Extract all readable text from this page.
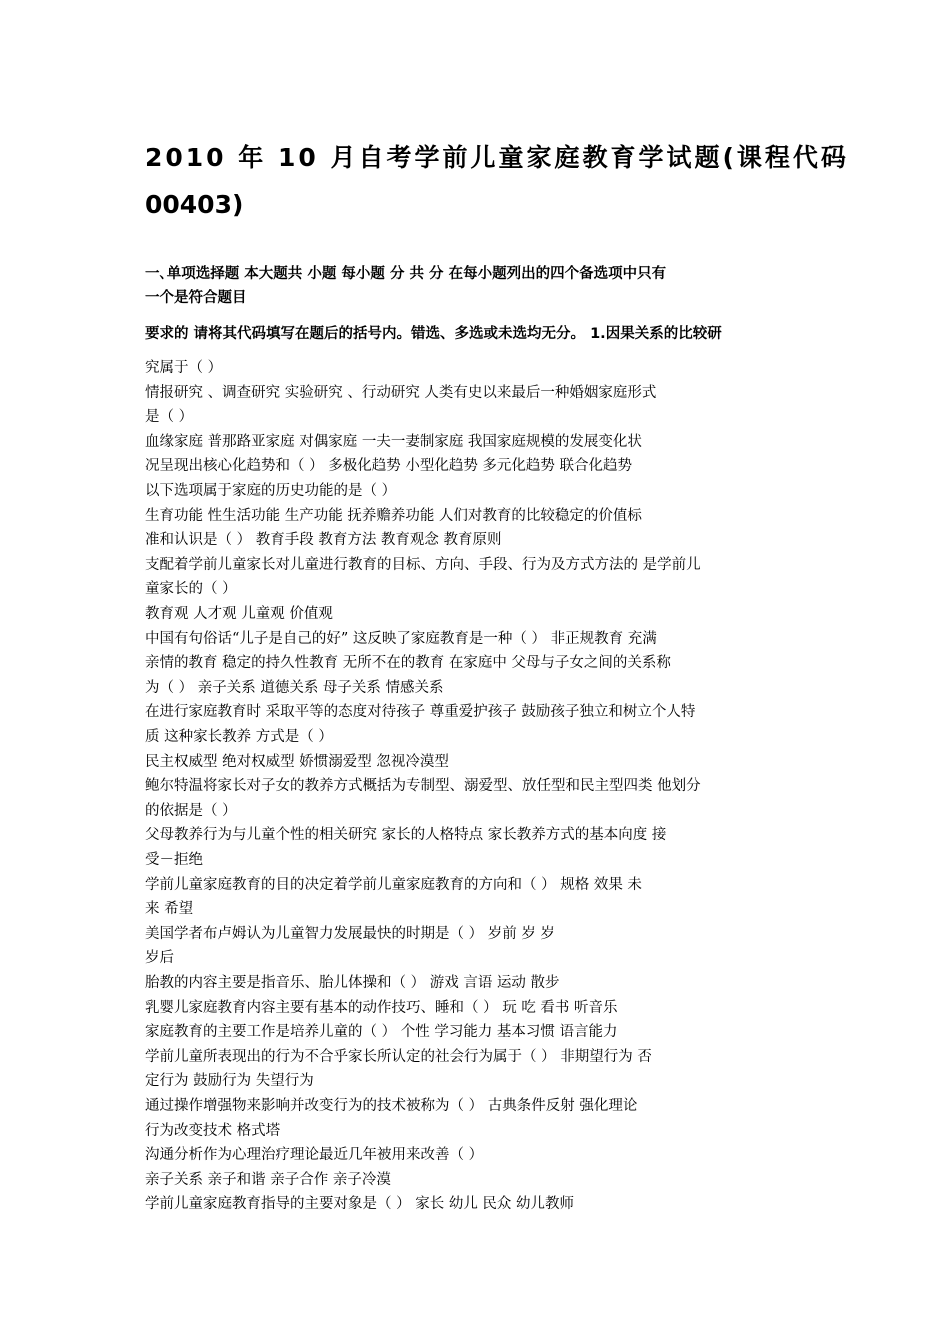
2010 年 10 月自考学前儿童家庭教育学试题(课程代码
00403)
一､单项选择题 本大题共 小题 每小题 分 共 分 在每小题列出的四个备选项中只有
一个是符合题目
要求的 请将其代码填写在题后的括号内。错选、多选或未选均无分。 1.因果关系的比较研
究属于（ ）
情报研究 、调查研究 实验研究 、行动研究 人类有史以来最后一种婚姻家庭形式
是（ ）
血缘家庭 普那路亚家庭 对偶家庭 一夫一妻制家庭 我国家庭规模的发展变化状
况呈现出核心化趋势和（ ） 多极化趋势 小型化趋势 多元化趋势 联合化趋势
以下选项属于家庭的历史功能的是（ ）
生育功能 性生活功能 生产功能 抚养赡养功能 人们对教育的比较稳定的价值标
准和认识是（ ） 教育手段 教育方法 教育观念 教育原则
支配着学前儿童家长对儿童进行教育的目标、方向、手段、行为及方式方法的 是学前儿
童家长的（ ）
教育观 人才观 儿童观 价值观
中国有句俗话“儿子是自己的好” 这反映了家庭教育是一种（ ） 非正规教育 充满
亲情的教育 稳定的持久性教育 无所不在的教育 在家庭中 父母与子女之间的关系称
为（ ） 亲子关系 道德关系 母子关系 情感关系
在进行家庭教育时 采取平等的态度对待孩子 尊重爱护孩子 鼓励孩子独立和树立个人特
质 这种家长教养 方式是（ ）
民主权威型 绝对权威型 娇惯溺爱型 忽视冷漠型
鲍尔特温将家长对子女的教养方式概括为专制型、溺爱型、放任型和民主型四类 他划分
的依据是（ ）
父母教养行为与儿童个性的相关研究 家长的人格特点 家长教养方式的基本向度 接
受－拒绝
学前儿童家庭教育的目的决定着学前儿童家庭教育的方向和（ ） 规格 效果 未
来 希望
美国学者布卢姆认为儿童智力发展最快的时期是（ ） 岁前 岁 岁
岁后
胎教的内容主要是指音乐、胎儿体操和（ ） 游戏 言语 运动 散步
乳婴儿家庭教育内容主要有基本的动作技巧、睡和（ ） 玩 吃 看书 听音乐
家庭教育的主要工作是培养儿童的（ ） 个性 学习能力 基本习惯 语言能力
学前儿童所表现出的行为不合乎家长所认定的社会行为属于（ ） 非期望行为 否
定行为 鼓励行为 失望行为
通过操作增强物来影响并改变行为的技术被称为（ ） 古典条件反射 强化理论
行为改变技术 格式塔
沟通分析作为心理治疗理论最近几年被用来改善（ ）
亲子关系 亲子和谐 亲子合作 亲子冷漠
学前儿童家庭教育指导的主要对象是（ ） 家长 幼儿 民众 幼儿教师
